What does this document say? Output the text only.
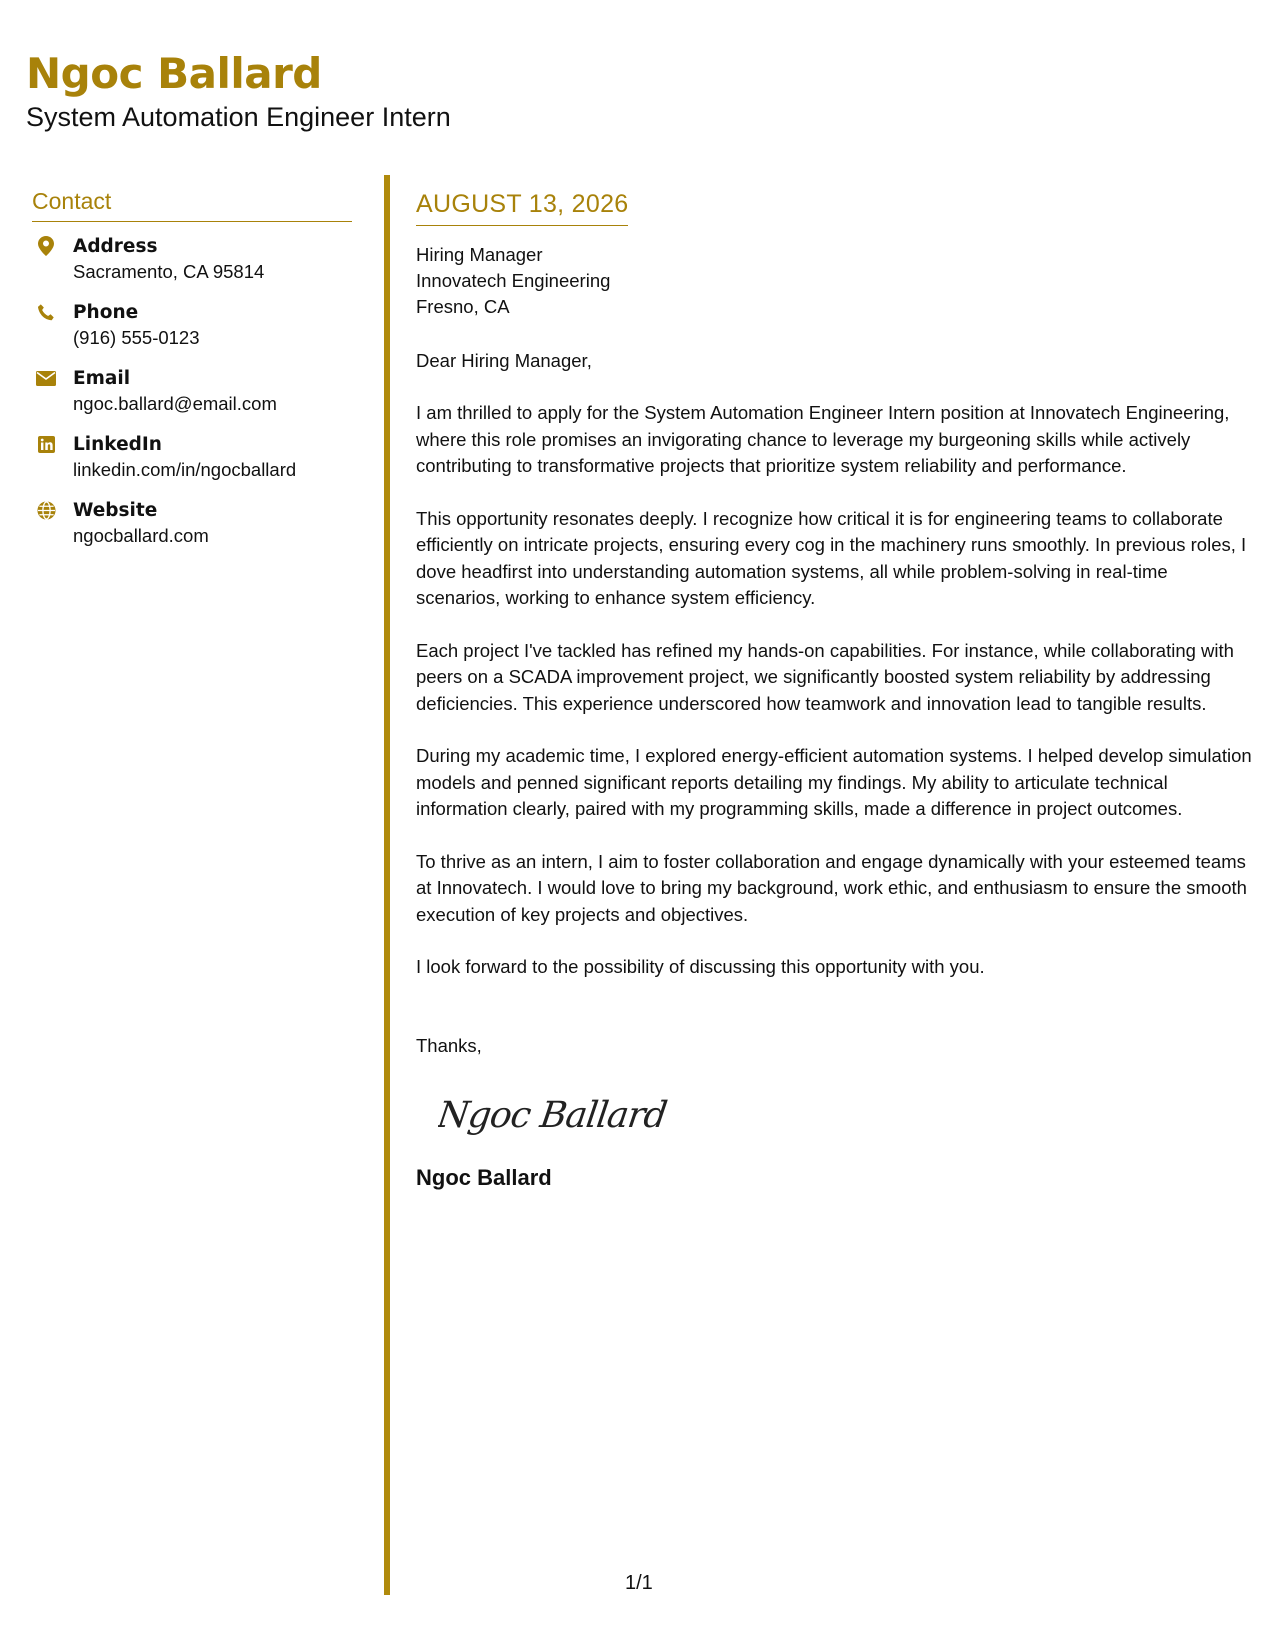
Ngoc Ballard

System Automation Engineer Intern

Contact
Address
Sacramento, CA 95814
Phone
(916) 555-0123
Email
ngoc.ballard@email.com
LinkedIn
linkedin.com/in/ngocballard
Website
ngocballard.com
AUGUST 13, 2026
Hiring Manager
Innovatech Engineering
Fresno, CA
Dear Hiring Manager,

I am thrilled to apply for the System Automation Engineer Intern position at Innovatech Engineering, where this role promises an invigorating chance to leverage my burgeoning skills while actively contributing to transformative projects that prioritize system reliability and performance.

This opportunity resonates deeply. I recognize how critical it is for engineering teams to collaborate efficiently on intricate projects, ensuring every cog in the machinery runs smoothly. In previous roles, I dove headfirst into understanding automation systems, all while problem-solving in real-time scenarios, working to enhance system efficiency.

Each project I've tackled has refined my hands-on capabilities. For instance, while collaborating with peers on a SCADA improvement project, we significantly boosted system reliability by addressing deficiencies. This experience underscored how teamwork and innovation lead to tangible results.

During my academic time, I explored energy-efficient automation systems. I helped develop simulation models and penned significant reports detailing my findings. My ability to articulate technical information clearly, paired with my programming skills, made a difference in project outcomes.

To thrive as an intern, I aim to foster collaboration and engage dynamically with your esteemed teams at Innovatech. I would love to bring my background, work ethic, and enthusiasm to ensure the smooth execution of key projects and objectives.

I look forward to the possibility of discussing this opportunity with you.

Thanks,
Ngoc Ballard
Ngoc Ballard
1/1
